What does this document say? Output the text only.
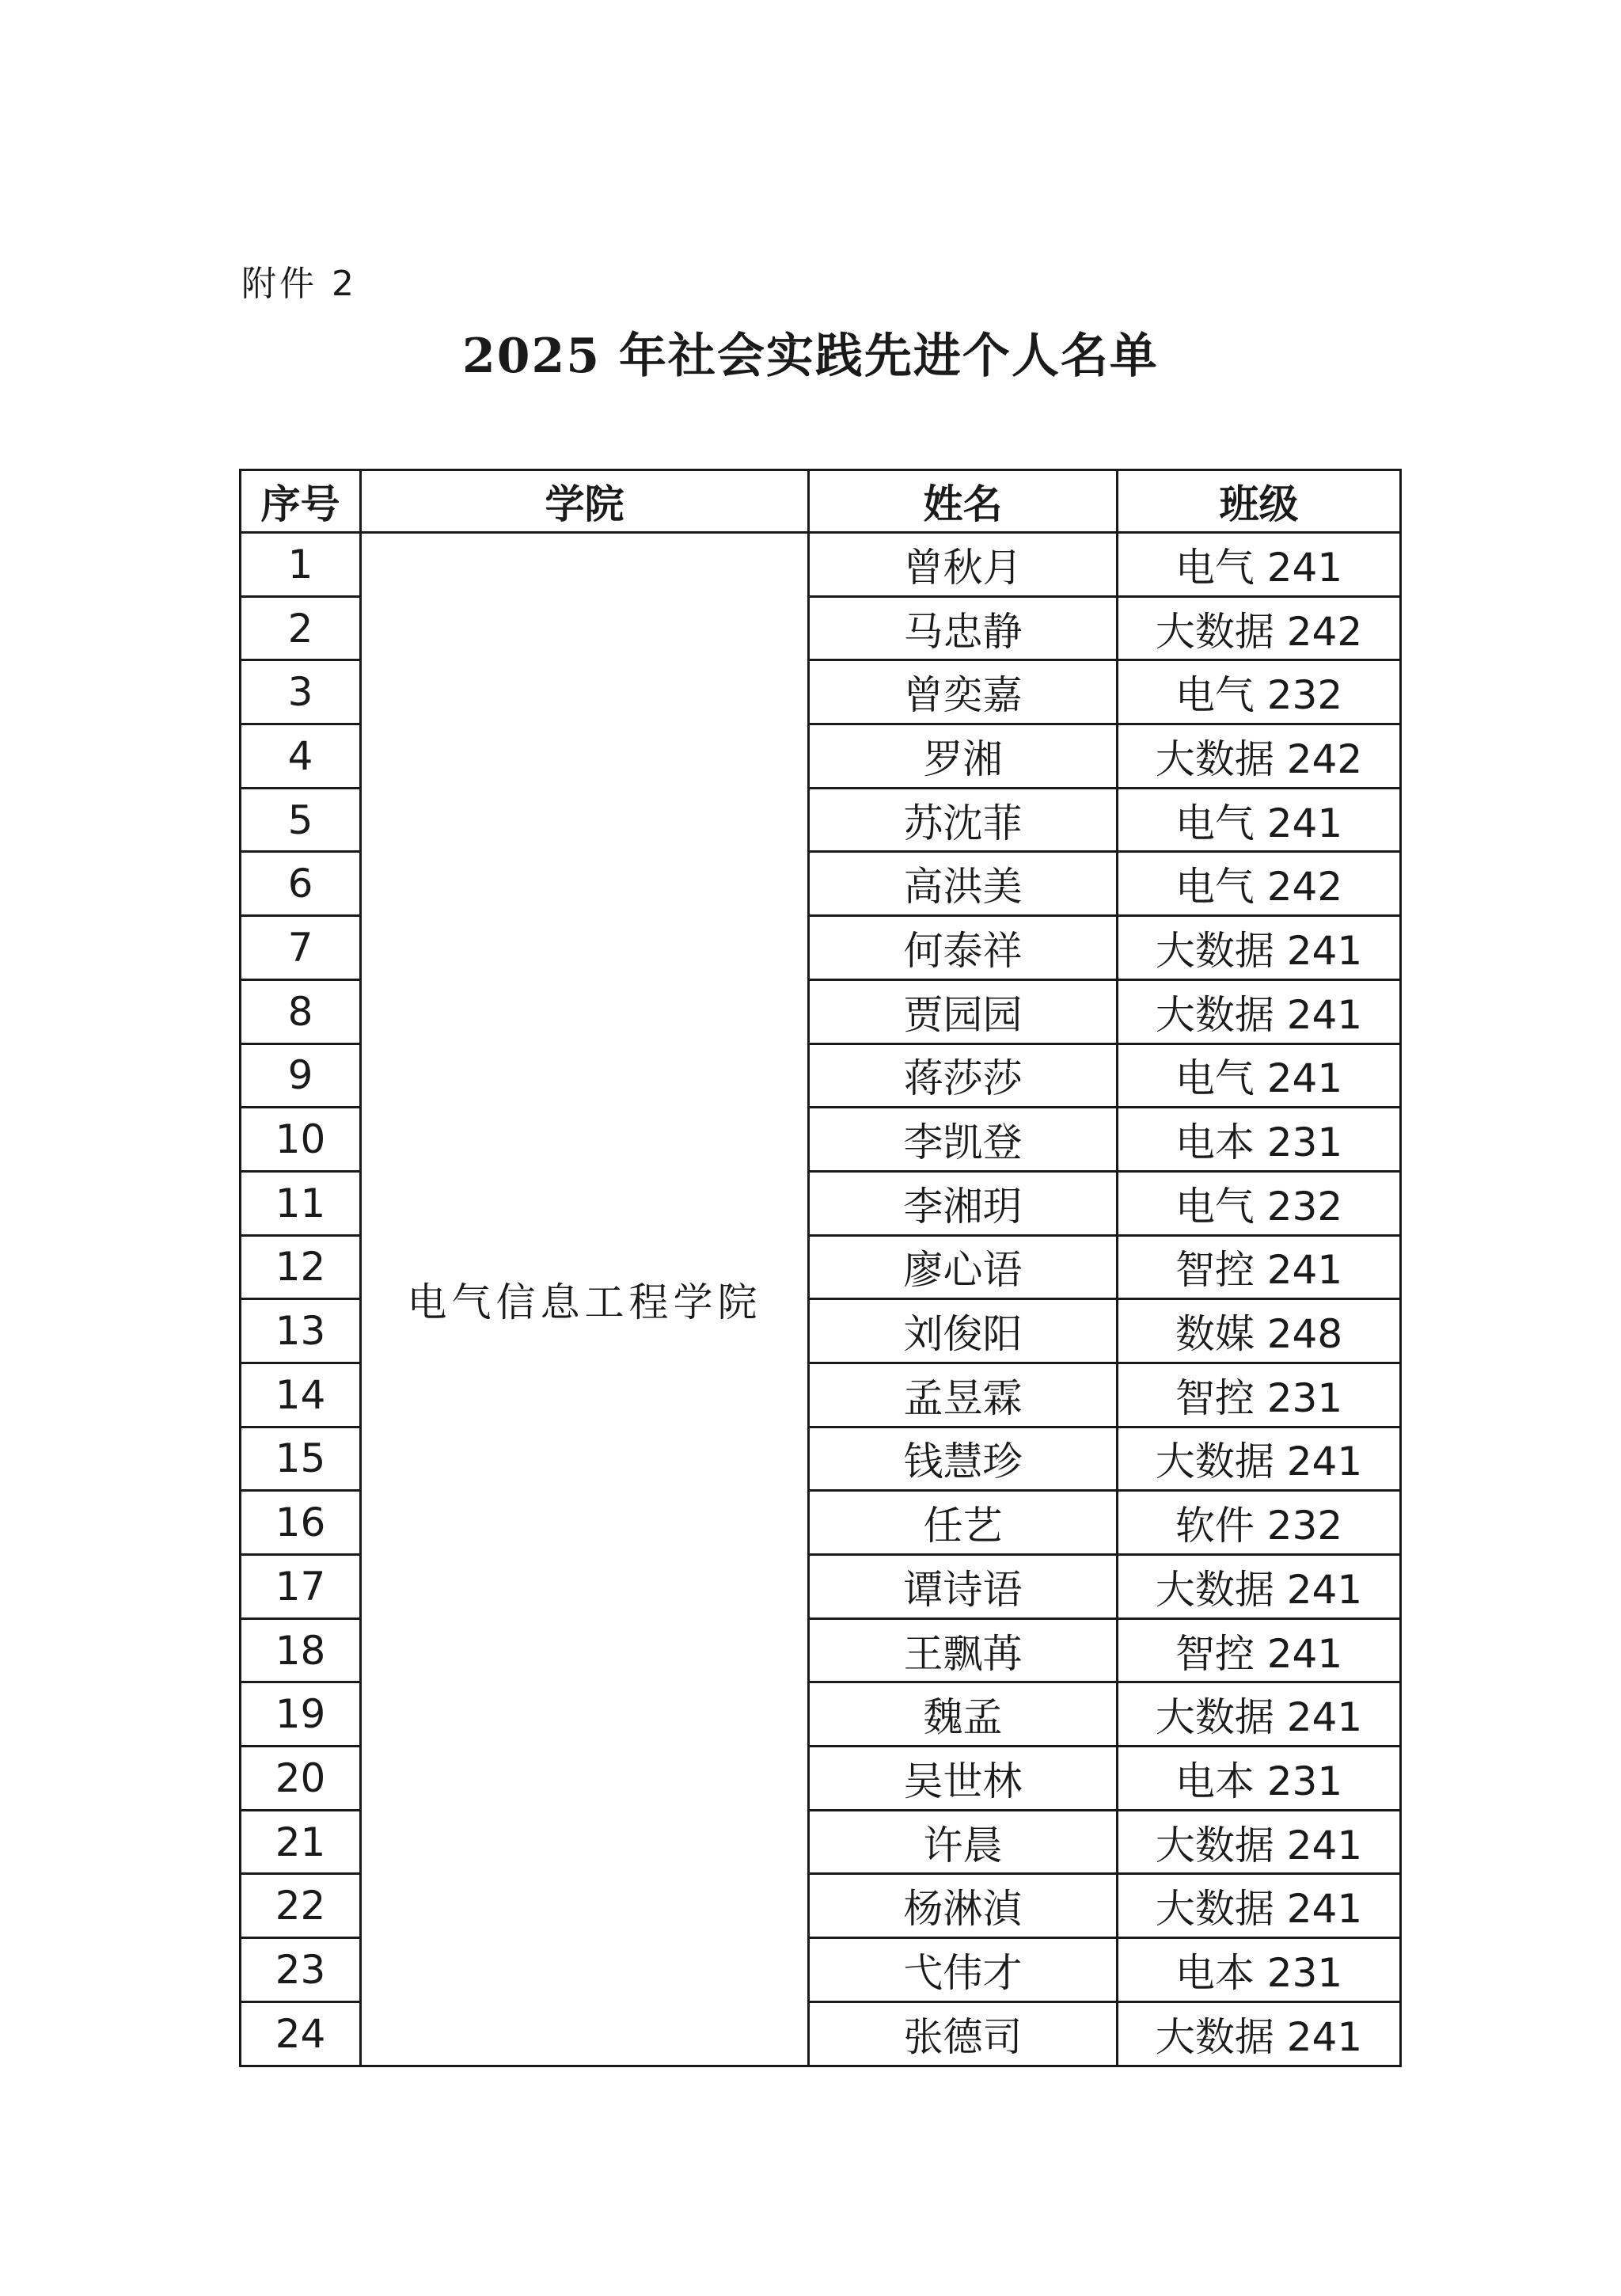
附件 2
2025 年社会实践先进个人名单
序号	学院	姓名	班级
1	电气信息工程学院	曾秋月	电气 241
2		马忠静	大数据 242
3		曾奕嘉	电气 232
4		罗湘	大数据 242
5		苏沈菲	电气 241
6		高洪美	电气 242
7		何泰祥	大数据 241
8		贾园园	大数据 241
9		蒋莎莎	电气 241
10		李凯登	电本 231
11		李湘玥	电气 232
12		廖心语	智控 241
13		刘俊阳	数媒 248
14		孟昱霖	智控 231
15		钱慧珍	大数据 241
16		任艺	软件 232
17		谭诗语	大数据 241
18		王飘苒	智控 241
19		魏孟	大数据 241
20		吴世林	电本 231
21		许晨	大数据 241
22		杨淋湞	大数据 241
23		弋伟才	电本 231
24		张德司	大数据 241
